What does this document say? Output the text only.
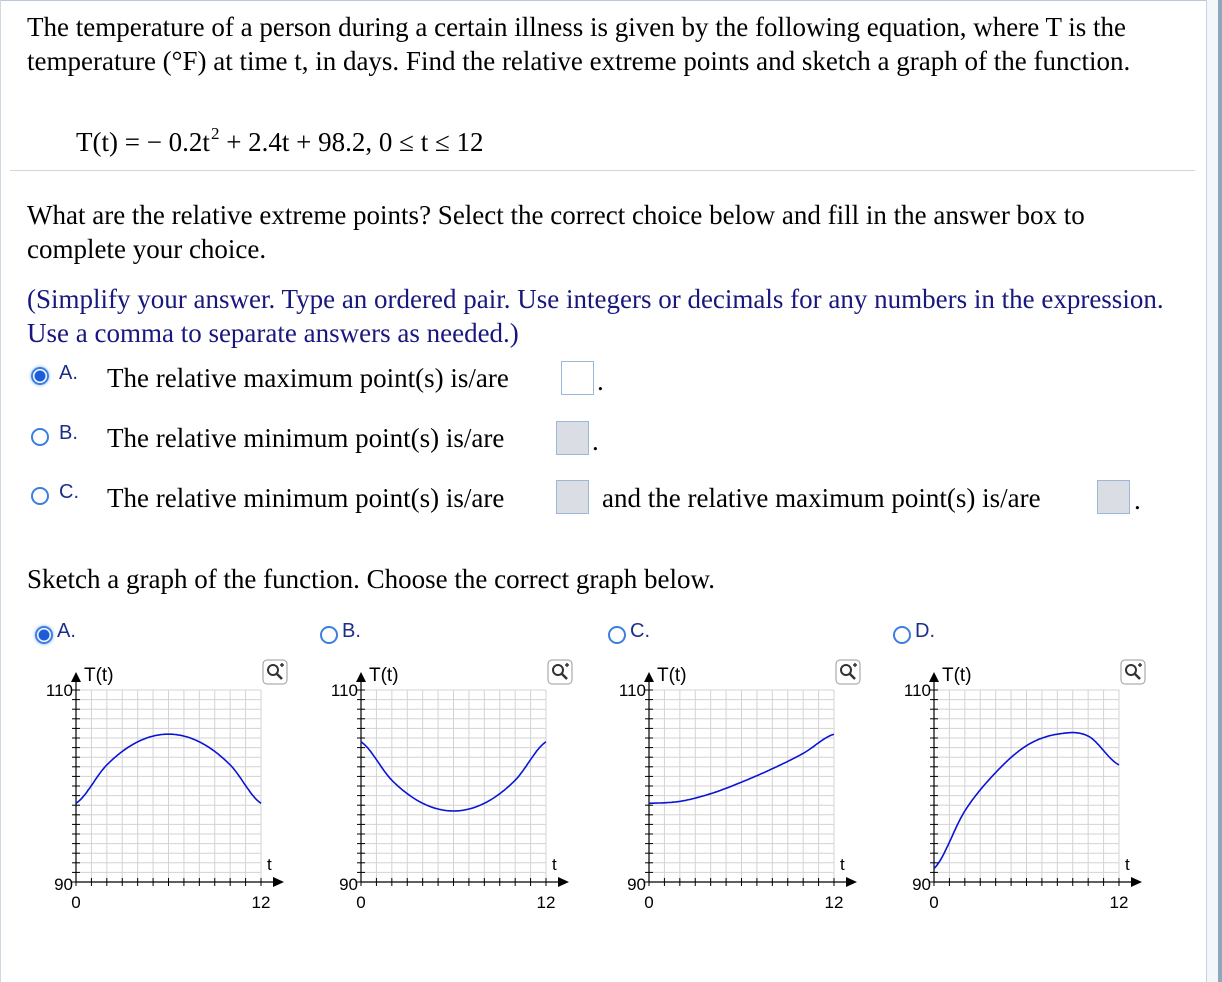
The temperature of a person during a certain illness is given by the following equation, where T is the temperature (°F) at time t, in days. Find the relative extreme points and sketch a graph of the function.
T(t) = − $0.2t^2 + 2.4t + 98.2$, 0 ≤ t ≤ 12
What are the relative extreme points? Select the correct choice below and fill in the answer box to complete your choice.
(Simplify your answer. Type an ordered pair. Use integers or decimals for any numbers in the expression. Use a comma to separate answers as needed.)
A. The relative maximum point(s) is/are	.
B. The relative minimum point(s) is/are	.
C. The relative minimum point(s) is/are	and the relative maximum point(s) is/are	.
Sketch a graph of the function. Choose the correct graph below.
A.
90
110
0	12
T(t)
t
B.
90
110
0	12
T(t)
t
C.
90
110
0	12
T(t)
t
D.
90
110
0	12
T(t)
t
